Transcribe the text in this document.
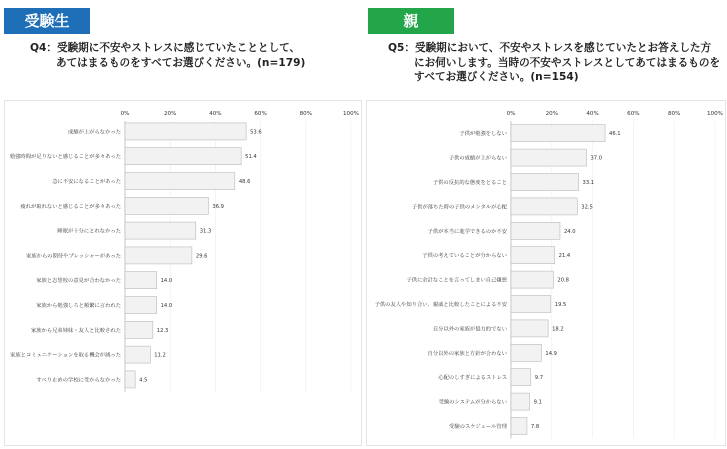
受験生
Q4：受験期に不安やストレスに感じていたこととして、
あてはまるものをすべてお選びください。(n=179)
親
Q5：受験期において、不安やストレスを感じていたとお答えした方
にお伺いします。当時の不安やストレスとしてあてはまるものを
すべてお選びください。(n=154)
0%	20%	40%	60%	80%	100%
成績が上がらなかった	53.6
勉強時間が足りないと感じることが多々あった	51.4
急に不安になることがあった	48.6
疲れが取れないと感じることが多々あった	36.9
睡眠が十分にとれなかった	31.3
家族からの期待やプレッシャーがあった	29.6
家族と志望校の意見が合わなかった	14.0
家族から勉強しろと頻繁に言われた	14.0
家族から兄弟姉妹・友人と比較された	12.3
家族とコミュニケーションを取る機会が減った	11.2
すべり止めの学校に受からなかった	4.5
0%	20%	40%	60%	80%	100%
子供が勉強をしない	46.1
子供の成績が上がらない	37.0
子供の反抗的な態度をとること	33.1
子供が落ちた時の子供のメンタルが心配	32.5
子供が本当に進学できるのか不安	24.0
子供の考えていることが分からない	21.4
子供に余計なことを言ってしまい自己嫌悪	20.8
子供の友人や知り合い、親戚と比較したことによる不安	19.5
自分以外の家族が協力的でない	18.2
自分以外の家族と方針が合わない	14.9
心配のしすぎによるストレス	9.7
受験のシステムが分からない	9.1
受験のスケジュール管理	7.8
